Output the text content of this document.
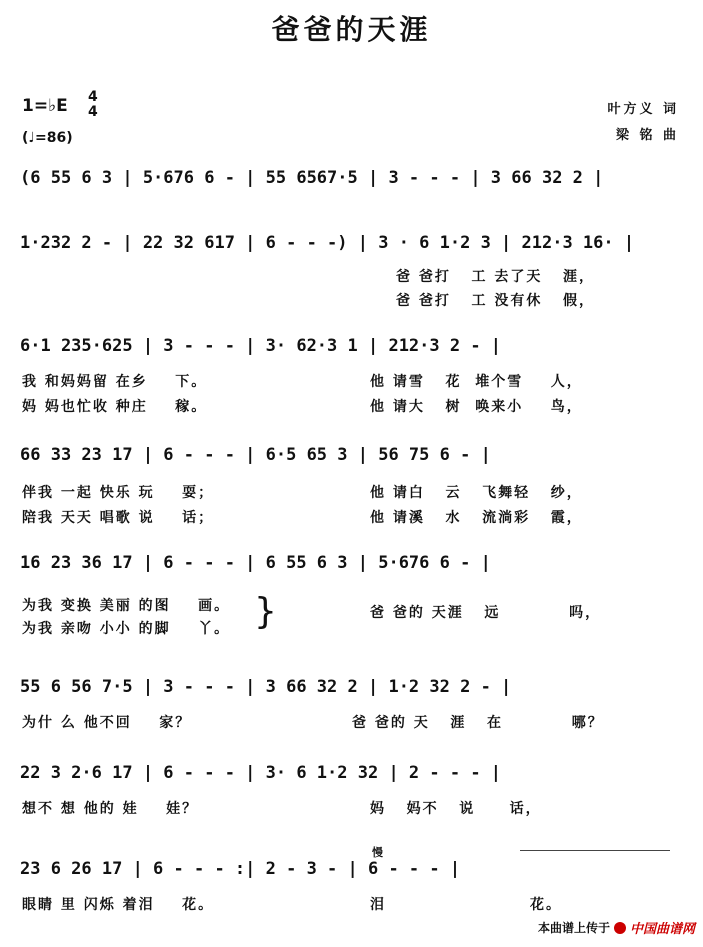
爸爸的天涯
1=♭E 4
4
(♩=86)
叶方义 词
梁 铭 曲
(6 55 6 3 | 5·676 6 - | 55 6567·5 | 3 - - - | 3 66 32 2 |
1·232 2 - | 22 32 617 | 6 - - -) | 3 · 6 1·2 3 | 212·3 16· |
6·1 235·625 | 3 - - - | 3· 62·3 1 | 212·3 2 - |
66 33 23 17 | 6 - - - | 6·5 65 3 | 56 75 6 - |
16 23 36 17 | 6 - - - | 6 55 6 3 | 5·676 6 - |
55 6 56 7·5 | 3 - - - | 3 66 32 2 | 1·2 32 2 - |
22 3 2·6 17 | 6 - - - | 3· 6 1·2 32 | 2 - - - |
慢
23 6 26 17 | 6 - - - :| 2 - 3 - | 6 - - - |
爸 爸打   工 去了天   涯，
爸 爸打   工 没有休   假，
我 和妈妈留 在乡    下。	他 请雪   花  堆个雪    人，
妈 妈也忙收 种庄    稼。	他 请大   树  唤来小    鸟，
伴我 一起 快乐 玩    耍；	他 请白   云   飞舞轻   纱，
陪我 天天 唱歌 说    话；	他 请溪   水   流淌彩   霞，
为我 变换 美丽 的图    画。
为我 亲吻 小小 的脚    丫。 }	爸 爸的 天涯   远          吗，
为什 么 他不回    家？	爸 爸的 天   涯   在          哪？
想不 想 他的 娃    娃？	妈   妈不   说     话，
眼睛 里 闪烁 着泪    花。	泪	花。
本曲谱上传于 中国曲谱网
